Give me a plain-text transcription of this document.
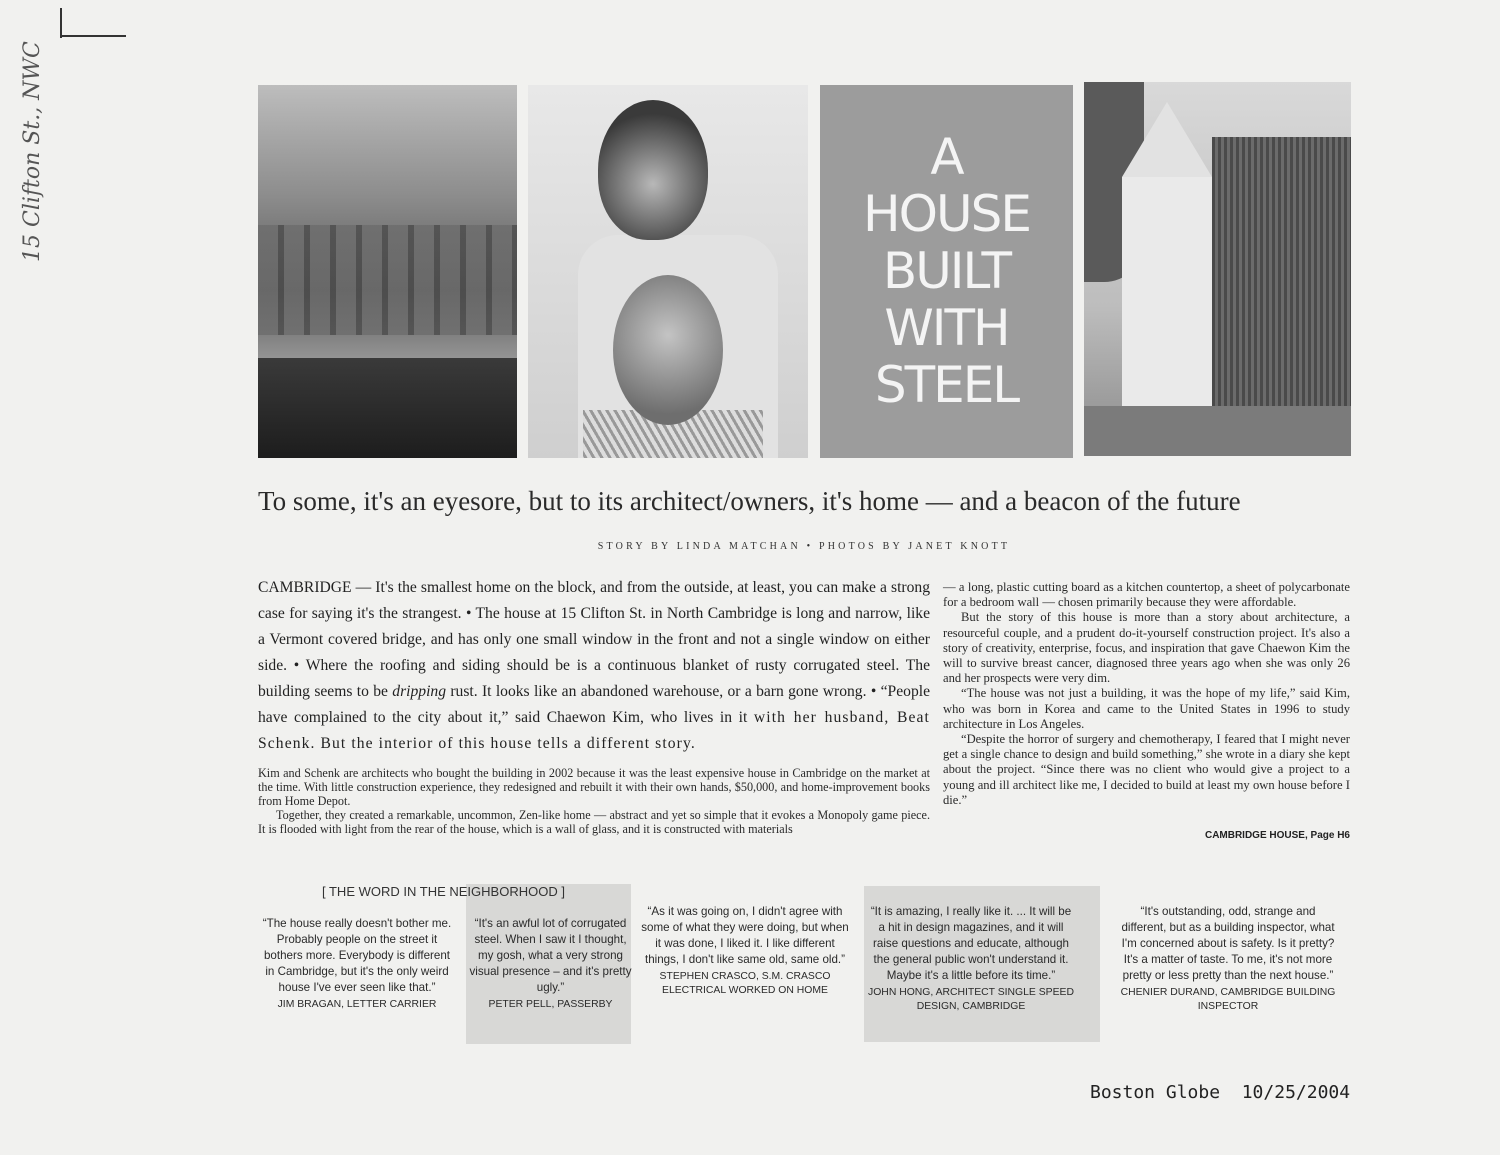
15 Clifton St., NWC	A
HOUSE
BUILT
WITH
STEEL
To some, it's an eyesore, but to its architect/owners, it's home — and a beacon of the future
STORY BY LINDA MATCHAN • PHOTOS BY JANET KNOTT
CAMBRIDGE — It's the smallest home on the block, and from the outside, at least, you can make a strong case for saying it's the strangest. • The house at 15 Clifton St. in North Cambridge is long and narrow, like a Vermont covered bridge, and has only one small window in the front and not a single window on either side. • Where the roofing and siding should be is a continuous blanket of rusty corrugated steel. The building seems to be dripping rust. It looks like an abandoned warehouse, or a barn gone wrong. • “People have complained to the city about it,” said Chaewon Kim, who lives in it with her husband, Beat Schenk. But the interior of this house tells a different story.

Kim and Schenk are architects who bought the building in 2002 because it was the least expensive house in Cambridge on the market at the time. With little construction experience, they redesigned and rebuilt it with their own hands, $50,000, and home-improvement books from Home Depot.

Together, they created a remarkable, uncommon, Zen-like home — abstract and yet so simple that it evokes a Monopoly game piece. It is flooded with light from the rear of the house, which is a wall of glass, and it is constructed with materials

— a long, plastic cutting board as a kitchen countertop, a sheet of polycarbonate for a bedroom wall — chosen primarily because they were affordable.

But the story of this house is more than a story about architecture, a resourceful couple, and a prudent do-it-yourself construction project. It's also a story of creativity, enterprise, focus, and inspiration that gave Chaewon Kim the will to survive breast cancer, diagnosed three years ago when she was only 26 and her prospects were very dim.

“The house was not just a building, it was the hope of my life,” said Kim, who was born in Korea and came to the United States in 1996 to study architecture in Los Angeles.

“Despite the horror of surgery and chemotherapy, I feared that I might never get a single chance to design and build something,” she wrote in a diary she kept about the project. “Since there was no client who would give a project to a young and ill architect like me, I decided to build at least my own house before I die.”

CAMBRIDGE HOUSE, Page H6
[ THE WORD IN THE NEIGHBORHOOD ]
“The house really doesn't bother me. Probably people on the street it bothers more. Everybody is different in Cambridge, but it's the only weird house I've ever seen like that.”
JIM BRAGAN, LETTER CARRIER
“It's an awful lot of corrugated steel. When I saw it I thought, my gosh, what a very strong visual presence – and it's pretty ugly.”
PETER PELL, PASSERBY
“As it was going on, I didn't agree with some of what they were doing, but when it was done, I liked it. I like different things, I don't like same old, same old.”
STEPHEN CRASCO, S.M. CRASCO ELECTRICAL WORKED ON HOME
“It is amazing, I really like it. ... It will be a hit in design magazines, and it will raise questions and educate, although the general public won't understand it. Maybe it's a little before its time.”
JOHN HONG, ARCHITECT SINGLE SPEED DESIGN, CAMBRIDGE
“It's outstanding, odd, strange and different, but as a building inspector, what I'm concerned about is safety. Is it pretty? It's a matter of taste. To me, it's not more pretty or less pretty than the next house.”
CHENIER DURAND, CAMBRIDGE BUILDING INSPECTOR
Boston Globe  10/25/2004
